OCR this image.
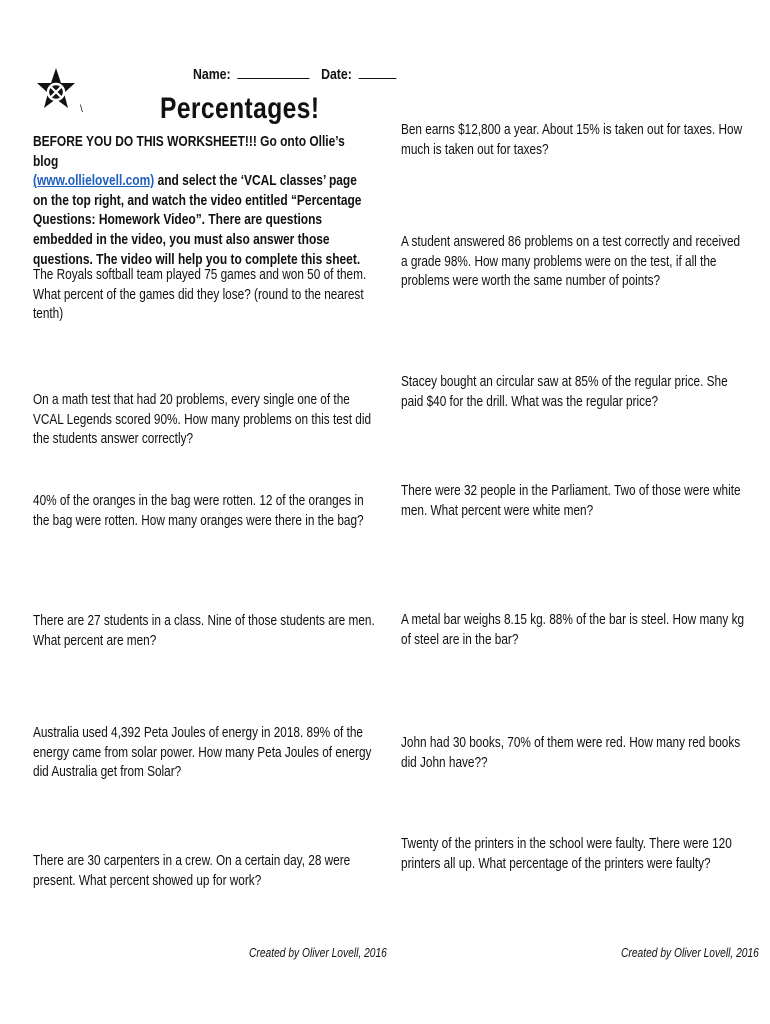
\
Name:	Date:
Percentages!
BEFORE YOU DO THIS WORKSHEET!!! Go onto Ollie’s blog
(www.ollielovell.com) and select the ‘VCAL classes’ page on the top right, and watch the video entitled “Percentage Questions: Homework Video”. There are questions embedded in the video, you must also answer those questions. The video will help you to complete this sheet.
The Royals softball team played 75 games and won 50 of them. What percent of the games did they lose? (round to the nearest tenth)
On a math test that had 20 problems, every single one of the VCAL Legends scored 90%. How many problems on this test did the students answer correctly?
40% of the oranges in the bag were rotten. 12 of the oranges in the bag were rotten. How many oranges were there in the bag?
There are 27 students in a class. Nine of those students are men. What percent are men?
Australia used 4,392 Peta Joules of energy in 2018. 89% of the energy came from solar power. How many Peta Joules of energy did Australia get from Solar?
There are 30 carpenters in a crew. On a certain day, 28 were present. What percent showed up for work?
Ben earns $12,800 a year. About 15% is taken out for taxes. How much is taken out for taxes?
A student answered 86 problems on a test correctly and received a grade 98%. How many problems were on the test, if all the problems were worth the same number of points?
Stacey bought an circular saw at 85% of the regular price. She paid $40 for the drill. What was the regular price?
There were 32 people in the Parliament. Two of those were white men. What percent were white men?
A metal bar weighs 8.15 kg. 88% of the bar is steel. How many kg of steel are in the bar?
John had 30 books, 70% of them were red. How many red books did John have??
Twenty of the printers in the school were faulty. There were 120 printers all up. What percentage of the printers were faulty?
Created by Oliver Lovell, 2016	Created by Oliver Lovell, 2016
